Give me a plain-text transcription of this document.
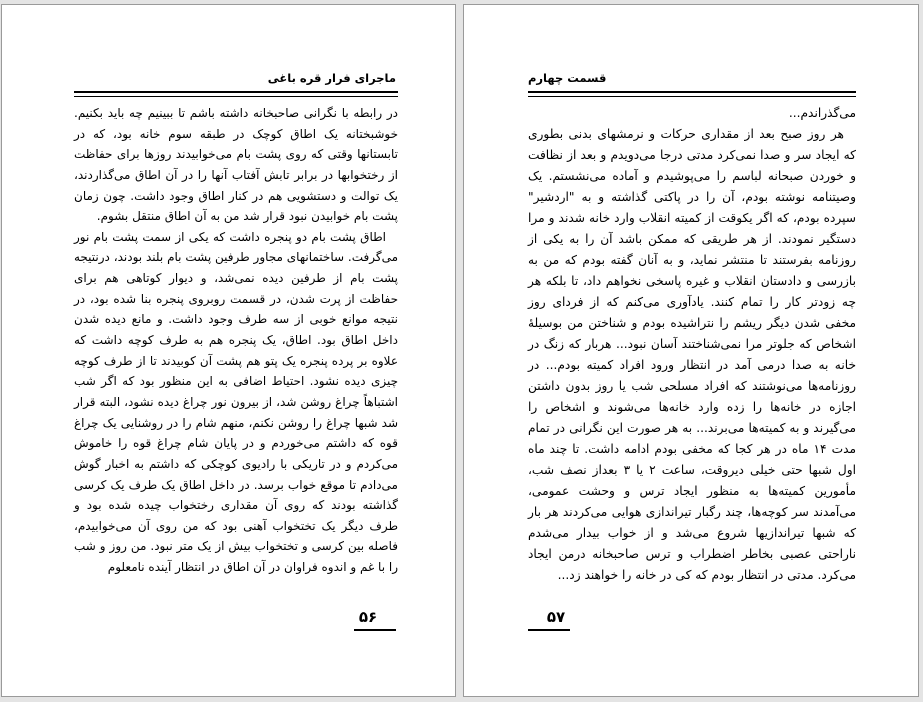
ماجرای فرار قره باغی

در رابطه با نگرانی صاحبخانه داشته باشم تا ببینیم چه باید بکنیم. خوشبختانه یک اطاق کوچک در طبقه سوم خانه بود، که در تابستانها وقتی که روی پشت بام می‌خوابیدند روزها برای حفاظت از رختخوابها در برابر تابش آفتاب آنها را در آن اطاق می‌گذاردند، یک توالت و دستشویی هم در کنار اطاق وجود داشت. چون زمان پشت بام خوابیدن نبود قرار شد من به آن اطاق منتقل بشوم.

اطاق پشت بام دو پنجره داشت که یکی از سمت پشت بام نور می‌گرفت. ساختمانهای مجاور طرفین پشت بام بلند بودند، درنتیجه پشت بام از طرفین دیده نمی‌شد، و دیوار کوتاهی هم برای حفاظت از پرت شدن، در قسمت روبروی پنجره بنا شده بود، در نتیجه موانع خوبی از سه طرف وجود داشت. و مانع دیده شدن داخل اطاق بود. اطاق، یک پنجره هم به طرف کوچه داشت که علاوه بر پرده پنجره یک پتو هم پشت آن کوبیدند تا از طرف کوچه چیزی دیده نشود. احتیاط اضافی به این منظور بود که اگر شب اشتباهاً چراغ روشن شد، از بیرون نور چراغ دیده نشود، البته قرار شد شبها چراغ را روشن نکنم، منهم شام را در روشنایی یک چراغ قوه که داشتم می‌خوردم و در پایان شام چراغ قوه را خاموش می‌کردم و در تاریکی با رادیوی کوچکی که داشتم به اخبار گوش می‌دادم تا موقع خواب برسد. در داخل اطاق یک طرف یک کرسی گذاشته بودند که روی آن مقداری رختخواب چیده شده بود و طرف دیگر یک تختخواب آهنی بود که من روی آن می‌خوابیدم، فاصله بین کرسی و تختخواب بیش از یک متر نبود. من روز و شب را با غم و اندوه فراوان در آن اطاق در انتظار آینده نامعلوم

۵۶
قسمت چهارم

می‌گذراندم...

هر روز صبح بعد از مقداری حرکات و نرمشهای بدنی بطوری که ایجاد سر و صدا نمی‌کرد مدتی درجا می‌دویدم و بعد از نظافت و خوردن صبحانه لباسم را می‌پوشیدم و آماده می‌نشستم. یک وصیتنامه نوشته بودم، آن را در پاکتی گذاشته و به "اردشیر" سپرده بودم، که اگر یکوقت از کمیته انقلاب وارد خانه شدند و مرا دستگیر نمودند. از هر طریقی که ممکن باشد آن را به یکی از روزنامه بفرستند تا منتشر نماید، و به آنان گفته بودم که من به بازرسی و دادستان انقلاب و غیره پاسخی نخواهم داد، تا بلکه هر چه زودتر کار را تمام کنند. یادآوری می‌کنم که از فردای روز مخفی شدن دیگر ریشم را نتراشیده بودم و شناختن من بوسیلهٔ اشخاص که جلوتر مرا نمی‌شناختند آسان نبود... هربار که زنگ در خانه به صدا درمی آمد در انتظار ورود افراد کمیته بودم... در روزنامه‌ها می‌نوشتند که افراد مسلحی شب یا روز بدون داشتن اجازه در خانه‌ها را زده وارد خانه‌ها می‌شوند و اشخاص را می‌گیرند و به کمیته‌ها می‌برند... به هر صورت این نگرانی در تمام مدت ۱۴ ماه در هر کجا که مخفی بودم ادامه داشت. تا چند ماه اول شبها حتی خیلی دیروقت، ساعت ۲ یا ۳ بعداز نصف شب، مأمورین کمیته‌ها به منظور ایجاد ترس و وحشت عمومی، می‌آمدند سر کوچه‌ها، چند رگبار تیراندازی هوایی می‌کردند هر بار که شبها تیراندازیها شروع می‌شد و از خواب بیدار می‌شدم ناراحتی عصبی بخاطر اضطراب و ترس صاحبخانه درمن ایجاد می‌کرد. مدتی در انتظار بودم که کی در خانه را خواهند زد...

۵۷
